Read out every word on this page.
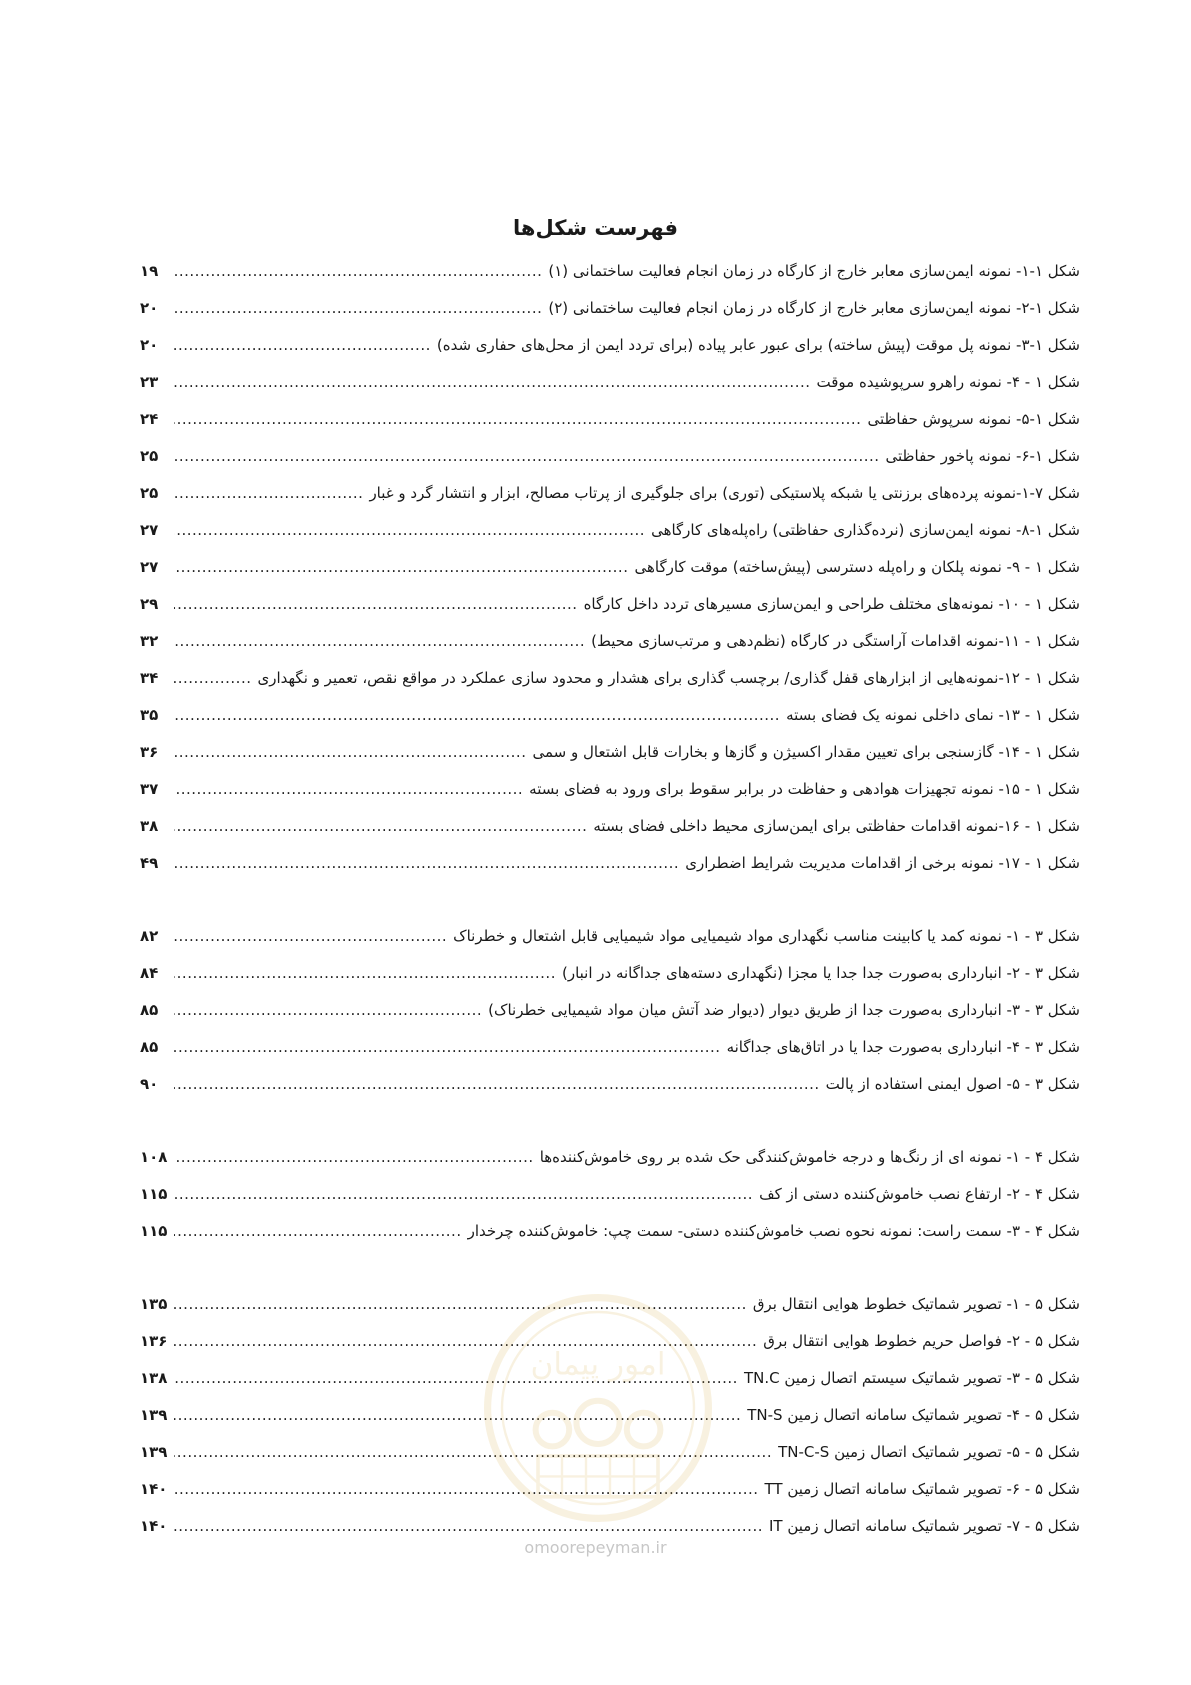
فهرست شکل‌ها
شکل ۱-۱- نمونه ایمن‌سازی معابر خارج از کارگاه در زمان انجام فعالیت ساختمانی (۱)
.....
۱۹
شکل ۱-۲- نمونه ایمن‌سازی معابر خارج از کارگاه در زمان انجام فعالیت ساختمانی (۲)
.....
۲۰
شکل ۱-۳- نمونه پل موقت (پیش ساخته) برای عبور عابر پیاده (برای تردد ایمن از محل‌های حفاری شده)
.....
۲۰
شکل ۱ - ۴- نمونه راهرو سرپوشیده موقت
.....
۲۳
شکل ۱-۵- نمونه سرپوش حفاظتی
.....
۲۴
شکل ۱-۶- نمونه پاخور حفاظتی
.....
۲۵
شکل ۷-۱-نمونه پرده‌های برزنتی یا شبکه پلاستیکی (توری) برای جلوگیری از پرتاب مصالح، ابزار و انتشار گرد و غبار
.....
۲۵
شکل ۱-۸- نمونه ایمن‌سازی (نرده‌گذاری حفاظتی) راه‌پله‌های کارگاهی
.....
۲۷
شکل ۱ - ۹- نمونه پلکان و راه‌پله دسترسی (پیش‌ساخته) موقت کارگاهی
.....
۲۷
شکل ۱ - ۱۰- نمونه‌های مختلف طراحی و ایمن‌سازی مسیرهای تردد داخل کارگاه
.....
۲۹
شکل ۱ - ۱۱-نمونه اقدامات آراستگی در کارگاه (نظم‌دهی و مرتب‌سازی محیط)
.....
۳۲
شکل ۱ - ۱۲-نمونه‌هایی از ابزارهای قفل گذاری/ برچسب گذاری برای هشدار و محدود سازی عملکرد در مواقع نقص، تعمیر و نگهداری
.....
۳۴
شکل ۱ - ۱۳- نمای داخلی نمونه یک فضای بسته
.....
۳۵
شکل ۱ - ۱۴- گازسنجی برای تعیین مقدار اکسیژن و گازها و بخارات قابل اشتعال و سمی
.....
۳۶
شکل ۱ - ۱۵- نمونه تجهیزات هوادهی و حفاظت در برابر سقوط برای ورود به فضای بسته
.....
۳۷
شکل ۱ - ۱۶-نمونه اقدامات حفاظتی برای ایمن‌سازی محیط داخلی فضای بسته
.....
۳۸
شکل ۱ - ۱۷- نمونه برخی از اقدامات مدیریت شرایط اضطراری
.....
۴۹
شکل ۳ - ۱- نمونه کمد یا کابینت مناسب نگهداری مواد شیمیایی مواد شیمیایی قابل اشتعال و خطرناک
.....
۸۲
شکل ۳ - ۲- انبارداری به‌صورت جدا جدا یا مجزا (نگهداری دسته‌های جداگانه در انبار)
.....
۸۴
شکل ۳ - ۳- انبارداری به‌صورت جدا از طریق دیوار (دیوار ضد آتش میان مواد شیمیایی خطرناک)
.....
۸۵
شکل ۳ - ۴- انبارداری به‌صورت جدا یا در اتاق‌های جداگانه
.....
۸۵
شکل ۳ - ۵- اصول ایمنی استفاده از پالت
.....
۹۰
شکل ۴ - ۱- نمونه ای از رنگ‌ها و درجه خاموش‌کنندگی حک شده بر روی خاموش‌کننده‌ها
.....
۱۰۸
شکل ۴ - ۲- ارتفاع نصب خاموش‌کننده دستی از کف
.....
۱۱۵
شکل ۴ - ۳- سمت راست: نمونه نحوه نصب خاموش‌کننده دستی- سمت چپ: خاموش‌کننده چرخدار
.....
۱۱۵
شکل ۵ - ۱- تصویر شماتیک خطوط هوایی انتقال برق
.....
۱۳۵
شکل ۵ - ۲- فواصل حریم خطوط هوایی انتقال برق
.....
۱۳۶
شکل ۵ - ۳- تصویر شماتیک سیستم اتصال زمین TN.C
.....
۱۳۸
شکل ۵ - ۴- تصویر شماتیک سامانه اتصال زمین TN-S
.....
۱۳۹
شکل ۵ - ۵- تصویر شماتیک اتصال زمین TN-C-S
.....
۱۳۹
شکل ۵ - ۶- تصویر شماتیک سامانه اتصال زمین TT
.....
۱۴۰
شکل ۵ - ۷- تصویر شماتیک سامانه اتصال زمین IT
.....
۱۴۰
امور پیمان
omoorepeyman.ir
